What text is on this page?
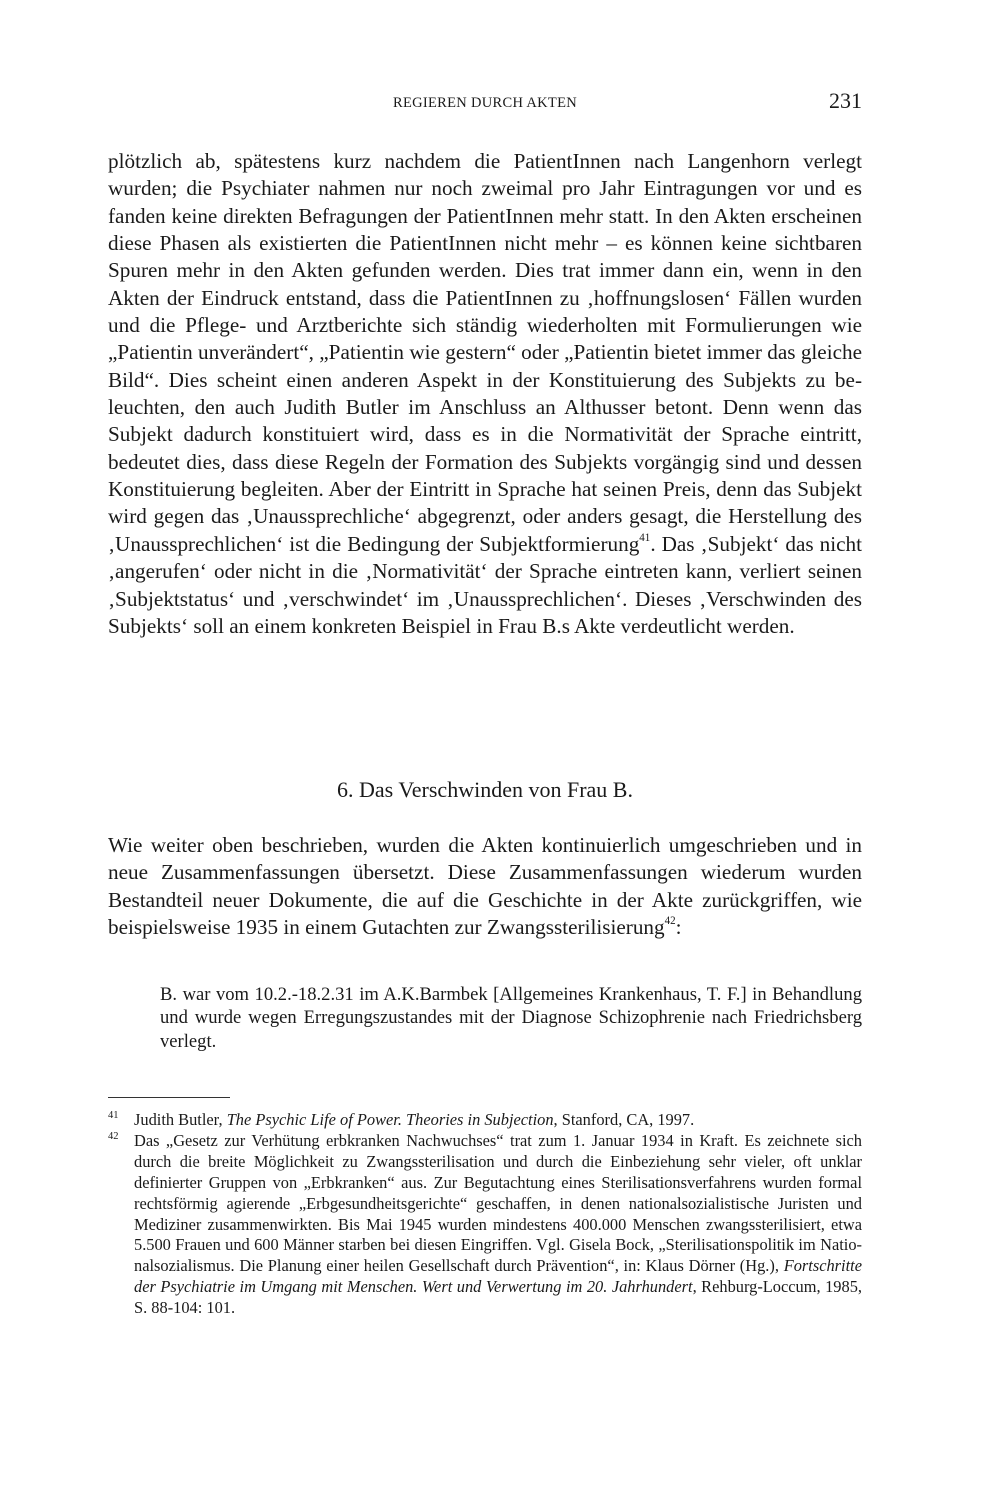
REGIEREN DURCH AKTEN	231
plötzlich ab, spätestens kurz nachdem die PatientInnen nach Langenhorn verlegt wurden; die Psychiater nahmen nur noch zweimal pro Jahr Eintragungen vor und es fanden keine direkten Befragungen der PatientInnen mehr statt. In den Akten erscheinen diese Phasen als existierten die PatientInnen nicht mehr – es können keine sichtbaren Spuren mehr in den Akten gefunden werden. Dies trat immer dann ein, wenn in den Akten der Eindruck entstand, dass die PatientInnen zu ‚hoffnungslosen‘ Fällen wurden und die Pflege- und Arztberichte sich ständig wiederholten mit Formulierungen wie „Patientin unverändert“, „Patientin wie gestern“ oder „Patientin bietet immer das gleiche Bild“. Dies scheint einen anderen Aspekt in der Konstituierung des Subjekts zu beleuchten, den auch Judith Butler im Anschluss an Althusser betont. Denn wenn das Subjekt dadurch konstituiert wird, dass es in die Normativität der Sprache eintritt, bedeutet dies, dass diese Regeln der Formation des Subjekts vorgängig sind und dessen Konstituierung begleiten. Aber der Eintritt in Sprache hat seinen Preis, denn das Subjekt wird gegen das ‚Unaussprechliche‘ abgegrenzt, oder anders gesagt, die Herstellung des ‚Unaussprechlichen‘ ist die Bedingung der Subjektformierung$^{41}$. Das ‚Subjekt‘ das nicht ‚angerufen‘ oder nicht in die ‚Normativität‘ der Sprache eintreten kann, verliert seinen ‚Subjektstatus‘ und ‚verschwindet‘ im ‚Unaussprechlichen‘. Dieses ‚Verschwinden des Subjekts‘ soll an einem konkreten Beispiel in Frau B.s Akte verdeutlicht werden.
6. Das Verschwinden von Frau B.
Wie weiter oben beschrieben, wurden die Akten kontinuierlich umgeschrieben und in neue Zusammenfassungen übersetzt. Diese Zusammenfassungen wiederum wurden Bestandteil neuer Dokumente, die auf die Geschichte in der Akte zurückgriffen, wie beispielsweise 1935 in einem Gutachten zur Zwangssterilisierung$^{42}$:
B. war vom 10.2.-18.2.31 im A.K.Barmbek [Allgemeines Krankenhaus, T. F.] in Behandlung und wurde wegen Erregungszustandes mit der Diagnose Schizophrenie nach Friedrichsberg verlegt.
41 Judith Butler, The Psychic Life of Power. Theories in Subjection, Stanford, CA, 1997.
42 Das „Gesetz zur Verhütung erbkranken Nachwuchses“ trat zum 1. Januar 1934 in Kraft. Es zeichnete sich durch die breite Möglichkeit zu Zwangssterilisation und durch die Einbeziehung sehr vieler, oft unklar definierter Gruppen von „Erbkranken“ aus. Zur Begutachtung eines Sterilisationsverfahrens wurden formal rechtsförmig agierende „Erbgesundheitsgerichte“ geschaffen, in denen nationalsozialistische Juristen und Mediziner zusammenwirkten. Bis Mai 1945 wurden mindestens 400.000 Menschen zwangssterilisiert, etwa 5.500 Frauen und 600 Männer starben bei diesen Eingriffen. Vgl. Gisela Bock, „Sterilisationspolitik im Nationalsozialismus. Die Planung einer heilen Gesellschaft durch Prävention“, in: Klaus Dörner (Hg.), Fortschritte der Psychiatrie im Umgang mit Menschen. Wert und Verwertung im 20. Jahrhundert, Rehburg-Loccum, 1985, S. 88-104: 101.
